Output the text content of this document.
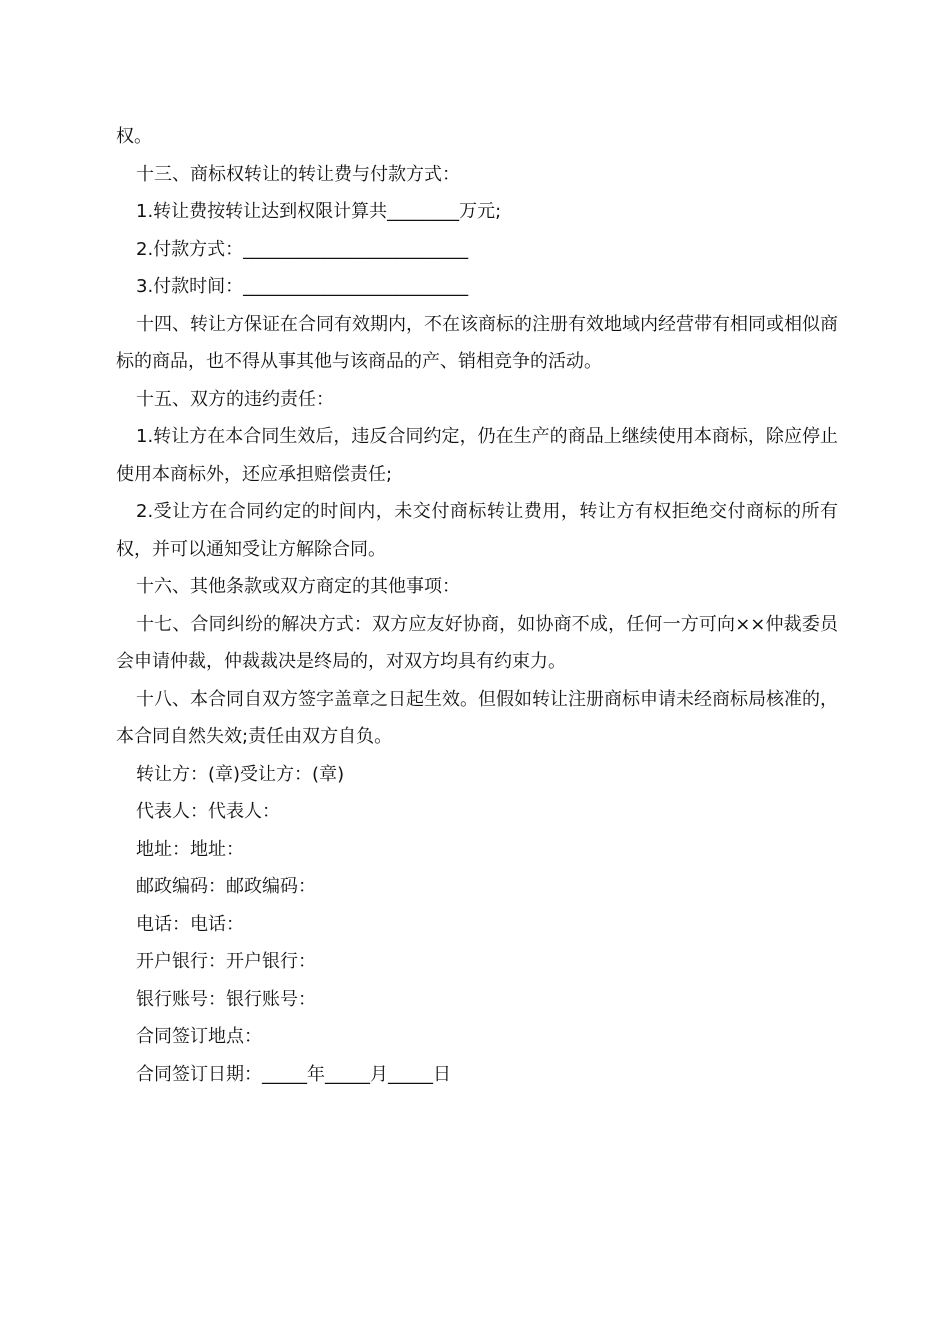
权。

十三、商标权转让的转让费与付款方式：

1.转让费按转让达到权限计算共________万元;

2.付款方式：_________________________

3.付款时间：_________________________

十四、转让方保证在合同有效期内，不在该商标的注册有效地域内经营带有相同或相似商标的商品，也不得从事其他与该商品的产、销相竞争的活动。

十五、双方的违约责任：

1.转让方在本合同生效后，违反合同约定，仍在生产的商品上继续使用本商标，除应停止使用本商标外，还应承担赔偿责任;

2.受让方在合同约定的时间内，未交付商标转让费用，转让方有权拒绝交付商标的所有权，并可以通知受让方解除合同。

十六、其他条款或双方商定的其他事项：

十七、合同纠纷的解决方式：双方应友好协商，如协商不成，任何一方可向××仲裁委员会申请仲裁，仲裁裁决是终局的，对双方均具有约束力。

十八、本合同自双方签字盖章之日起生效。但假如转让注册商标申请未经商标局核准的，本合同自然失效;责任由双方自负。

转让方：(章)受让方：(章)

代表人：代表人：

地址：地址：

邮政编码：邮政编码：

电话：电话：

开户银行：开户银行：

银行账号：银行账号：

合同签订地点：

合同签订日期：_____年_____月_____日
